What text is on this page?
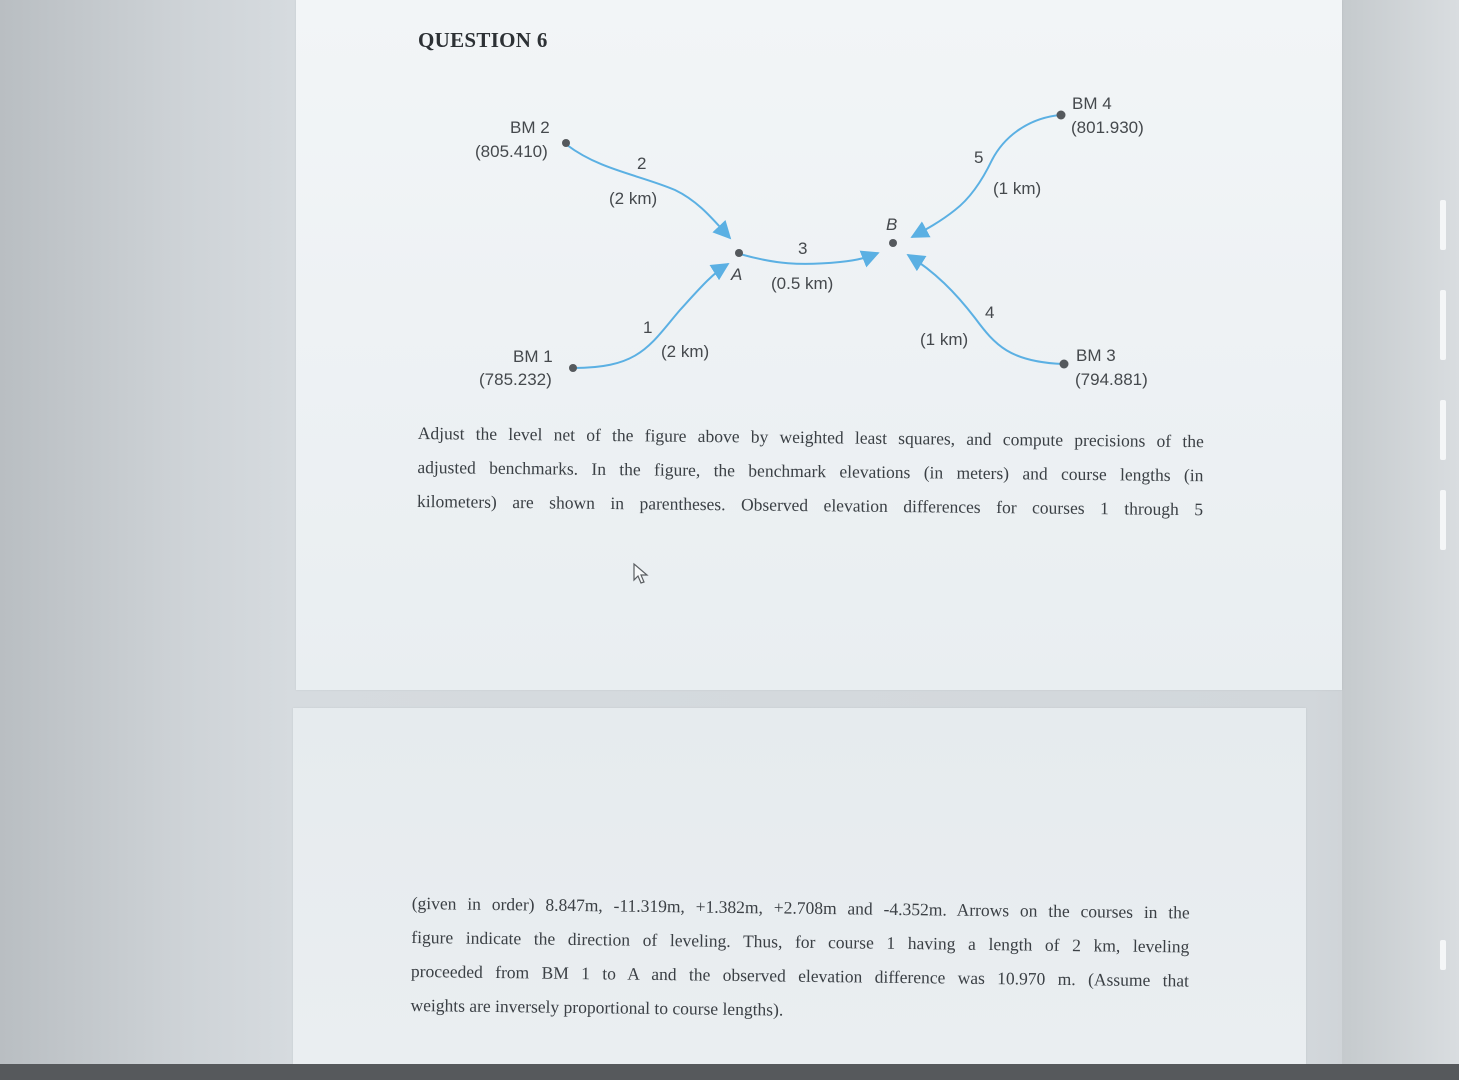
QUESTION 6
BM 2
(805.410)
BM 1
(785.232)
BM 4
(801.930)
BM 3
(794.881)
A
B
1
(2 km)
2
(2 km)
3
(0.5 km)
4
(1 km)
5
(1 km)
Adjust the level net of the figure above by weighted least squares, and compute precisions of the
adjusted benchmarks. In the figure, the benchmark elevations (in meters) and course lengths (in
kilometers) are shown in parentheses. Observed elevation differences for courses 1 through 5
(given in order) 8.847m, -11.319m, +1.382m, +2.708m and -4.352m. Arrows on the courses in the
figure indicate the direction of leveling. Thus, for course 1 having a length of 2 km, leveling
proceeded from BM 1 to A and the observed elevation difference was 10.970 m. (Assume that
weights are inversely proportional to course lengths).
